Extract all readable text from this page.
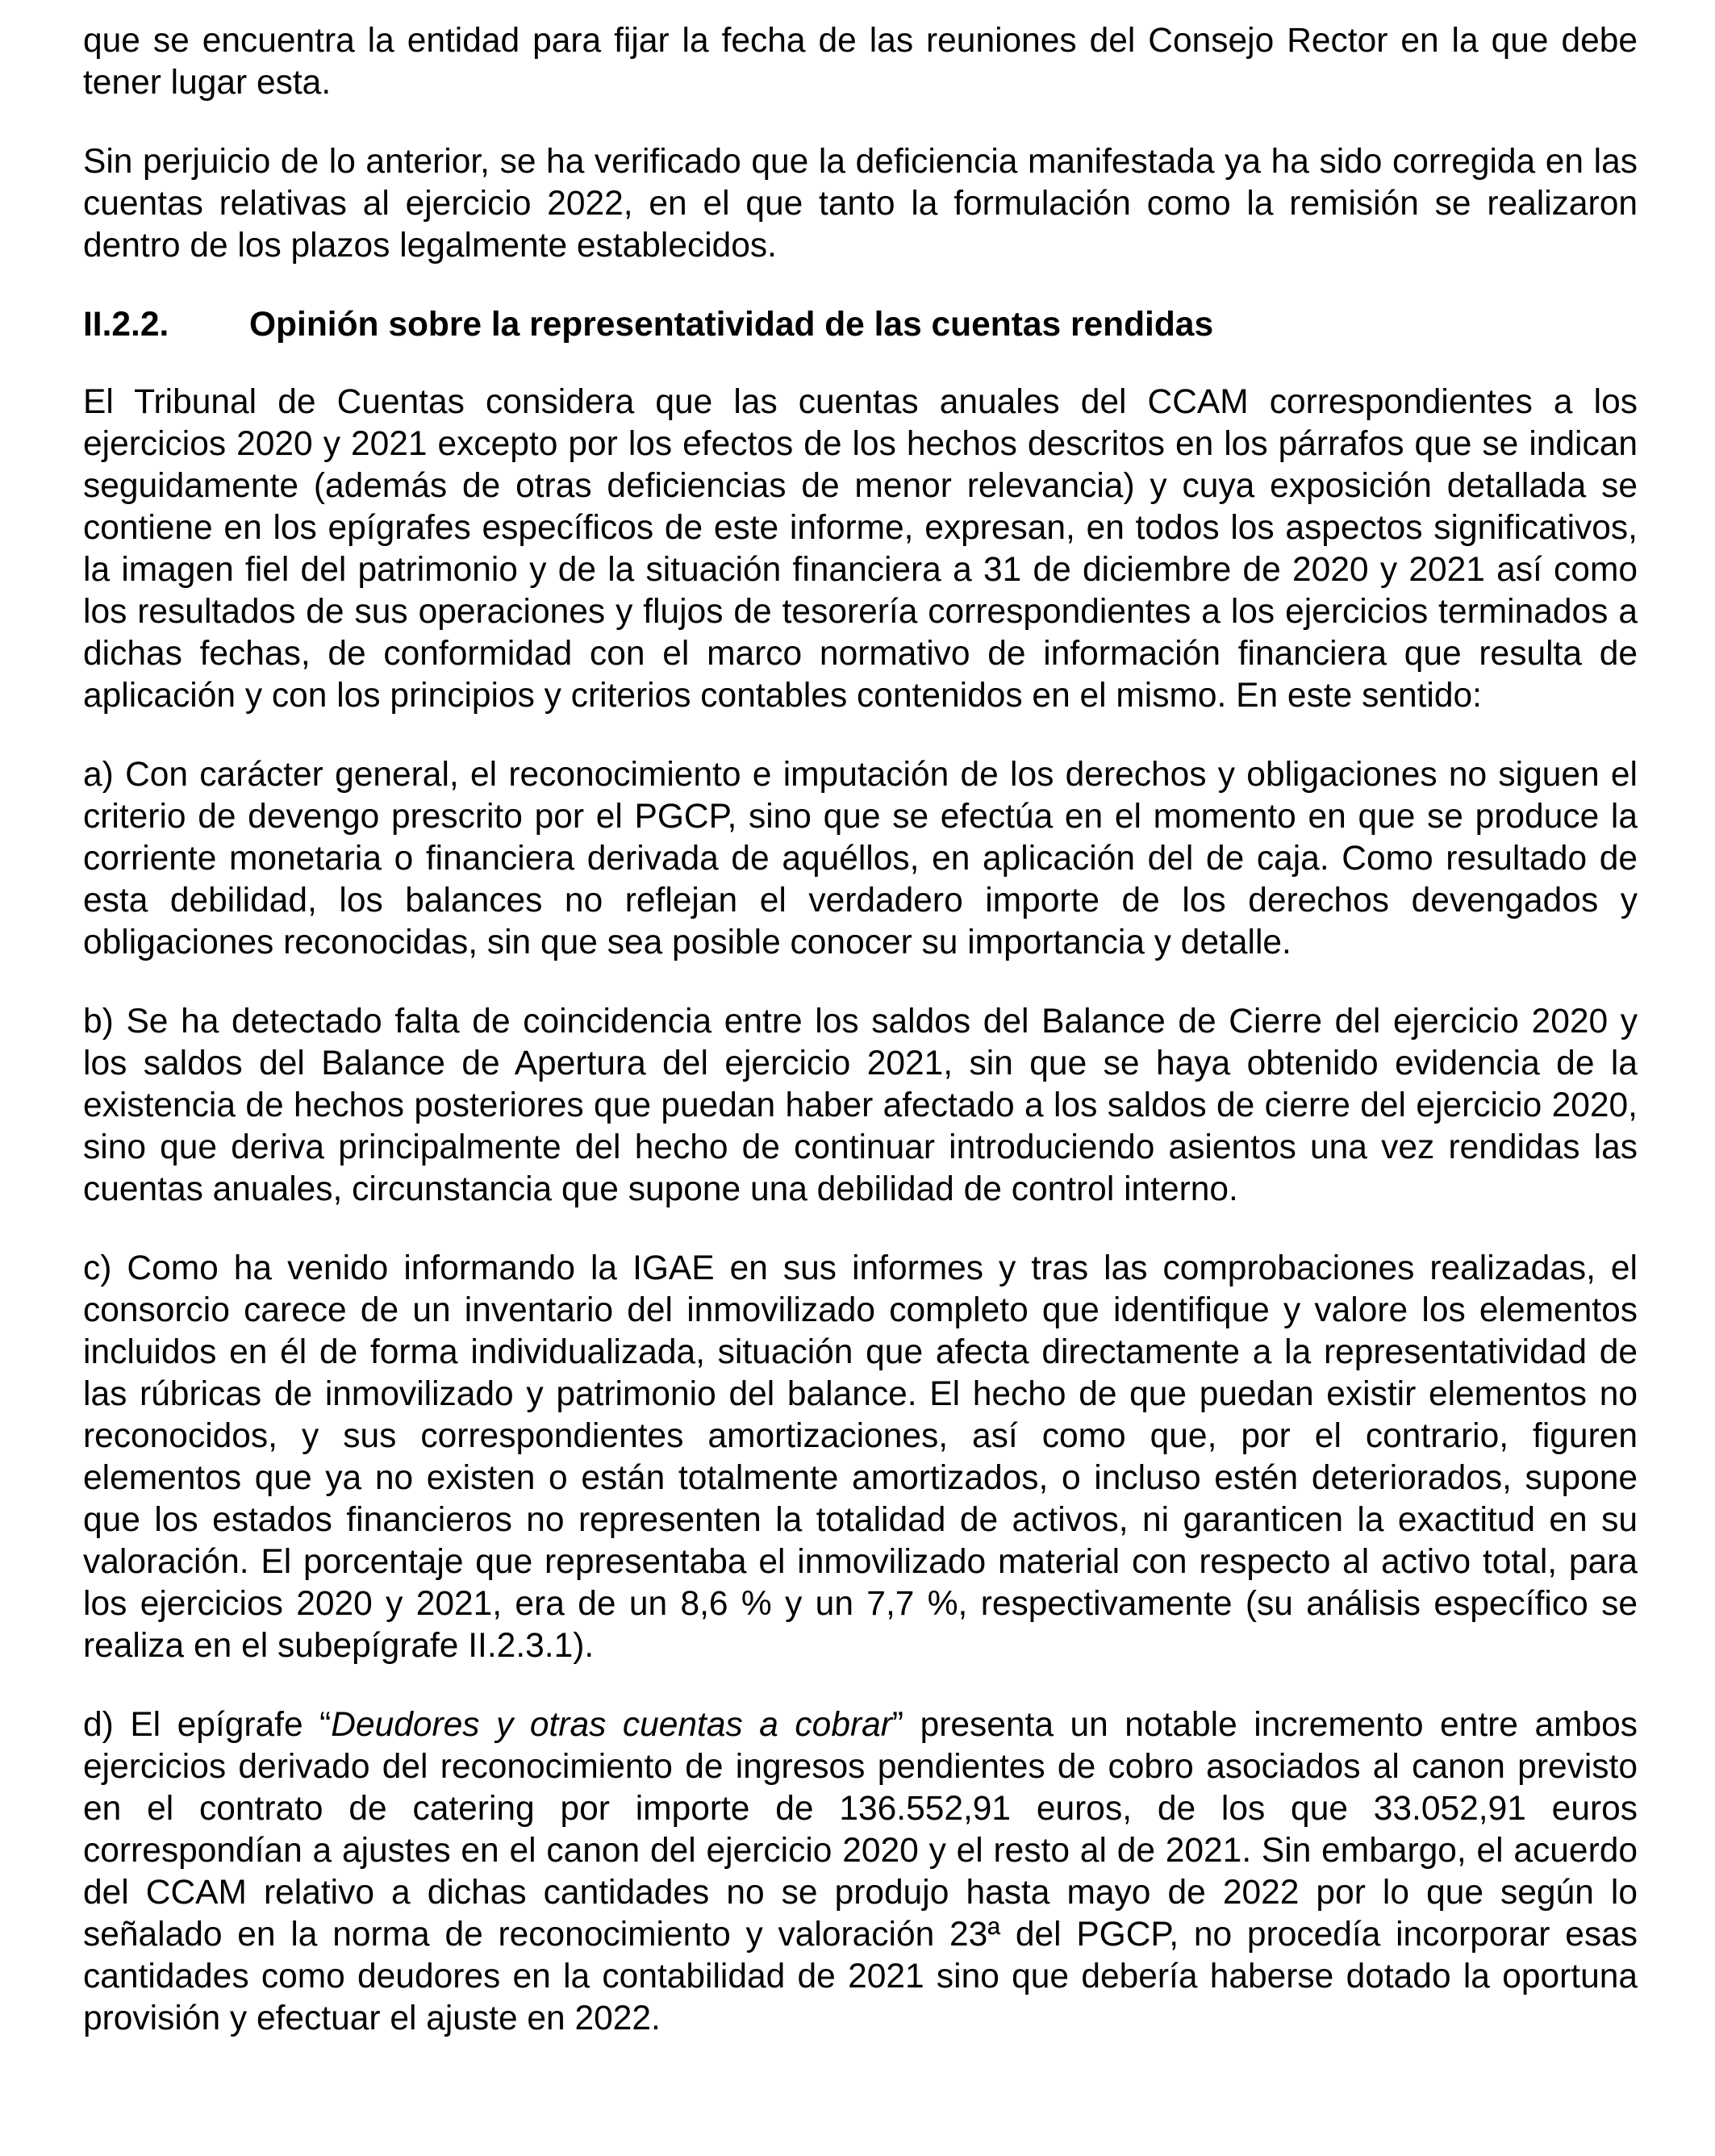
que se encuentra la entidad para fijar la fecha de las reuniones del Consejo Rector en la que debe tener lugar esta.

Sin perjuicio de lo anterior, se ha verificado que la deficiencia manifestada ya ha sido corregida en las cuentas relativas al ejercicio 2022, en el que tanto la formulación como la remisión se realizaron dentro de los plazos legalmente establecidos.

II.2.2. Opinión sobre la representatividad de las cuentas rendidas

El Tribunal de Cuentas considera que las cuentas anuales del CCAM correspondientes a los ejercicios 2020 y 2021 excepto por los efectos de los hechos descritos en los párrafos que se indican seguidamente (además de otras deficiencias de menor relevancia) y cuya exposición detallada se contiene en los epígrafes específicos de este informe, expresan, en todos los aspectos significativos, la imagen fiel del patrimonio y de la situación financiera a 31 de diciembre de 2020 y 2021 así como los resultados de sus operaciones y flujos de tesorería correspondientes a los ejercicios terminados a dichas fechas, de conformidad con el marco normativo de información financiera que resulta de aplicación y con los principios y criterios contables contenidos en el mismo. En este sentido:

a) Con carácter general, el reconocimiento e imputación de los derechos y obligaciones no siguen el criterio de devengo prescrito por el PGCP, sino que se efectúa en el momento en que se produce la corriente monetaria o financiera derivada de aquéllos, en aplicación del de caja. Como resultado de esta debilidad, los balances no reflejan el verdadero importe de los derechos devengados y obligaciones reconocidas, sin que sea posible conocer su importancia y detalle.

b) Se ha detectado falta de coincidencia entre los saldos del Balance de Cierre del ejercicio 2020 y los saldos del Balance de Apertura del ejercicio 2021, sin que se haya obtenido evidencia de la existencia de hechos posteriores que puedan haber afectado a los saldos de cierre del ejercicio 2020, sino que deriva principalmente del hecho de continuar introduciendo asientos una vez rendidas las cuentas anuales, circunstancia que supone una debilidad de control interno.

c) Como ha venido informando la IGAE en sus informes y tras las comprobaciones realizadas, el consorcio carece de un inventario del inmovilizado completo que identifique y valore los elementos incluidos en él de forma individualizada, situación que afecta directamente a la representatividad de las rúbricas de inmovilizado y patrimonio del balance. El hecho de que puedan existir elementos no reconocidos, y sus correspondientes amortizaciones, así como que, por el contrario, figuren elementos que ya no existen o están totalmente amortizados, o incluso estén deteriorados, supone que los estados financieros no representen la totalidad de activos, ni garanticen la exactitud en su valoración. El porcentaje que representaba el inmovilizado material con respecto al activo total, para los ejercicios 2020 y 2021, era de un 8,6 % y un 7,7 %, respectivamente (su análisis específico se realiza en el subepígrafe II.2.3.1).

d) El epígrafe “Deudores y otras cuentas a cobrar” presenta un notable incremento entre ambos ejercicios derivado del reconocimiento de ingresos pendientes de cobro asociados al canon previsto en el contrato de catering por importe de 136.552,91 euros, de los que 33.052,91 euros correspondían a ajustes en el canon del ejercicio 2020 y el resto al de 2021. Sin embargo, el acuerdo del CCAM relativo a dichas cantidades no se produjo hasta mayo de 2022 por lo que según lo señalado en la norma de reconocimiento y valoración 23ª del PGCP, no procedía incorporar esas cantidades como deudores en la contabilidad de 2021 sino que debería haberse dotado la oportuna provisión y efectuar el ajuste en 2022.
